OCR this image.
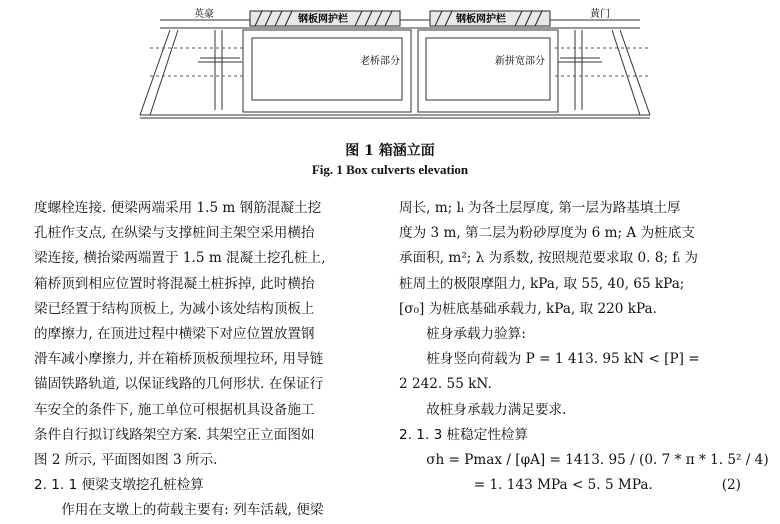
英豪	黄门
钢板网护栏	钢板网护栏
老桥部分	新拼宽部分
图 1 箱涵立面
Fig. 1 Box culverts elevation
度螺栓连接. 便梁两端采用 1.5 m 钢筋混凝土挖
孔桩作支点, 在纵梁与支撑桩间主架空采用横抬
梁连接, 横抬梁两端置于 1.5 m 混凝土挖孔桩上,
箱桥顶到相应位置时将混凝土桩拆掉, 此时横抬
梁已经置于结构顶板上, 为减小该处结构顶板上
的摩擦力, 在顶进过程中横梁下对应位置放置钢
滑车减小摩擦力, 并在箱桥顶板预埋拉环, 用导链
锚固铁路轨道, 以保证线路的几何形状. 在保证行
车安全的条件下, 施工单位可根据机具设备施工
条件自行拟订线路架空方案. 其架空正立面图如
图 2 所示, 平面图如图 3 所示.
2. 1. 1 便梁支墩挖孔桩检算
作用在支墩上的荷载主要有: 列车活载, 便梁
周长, m; lᵢ 为各土层厚度, 第一层为路基填土厚
度为 3 m, 第二层为粉砂厚度为 6 m; A 为桩底支
承面积, m²; λ 为系数, 按照规范要求取 0. 8; fᵢ 为
桩周土的极限摩阻力, kPa, 取 55, 40, 65 kPa;
[σ₀] 为桩底基础承载力, kPa, 取 220 kPa.
桩身承载力验算:
桩身竖向荷载为 P = 1 413. 95 kN < [P] =
2 242. 55 kN.
故桩身承载力满足要求.
2. 1. 3 桩稳定性检算
σh = Pmax / [φA] = 1413. 95 / (0. 7 * π * 1. 5² / 4)
= 1. 143 MPa < 5. 5 MPa.	(2)
